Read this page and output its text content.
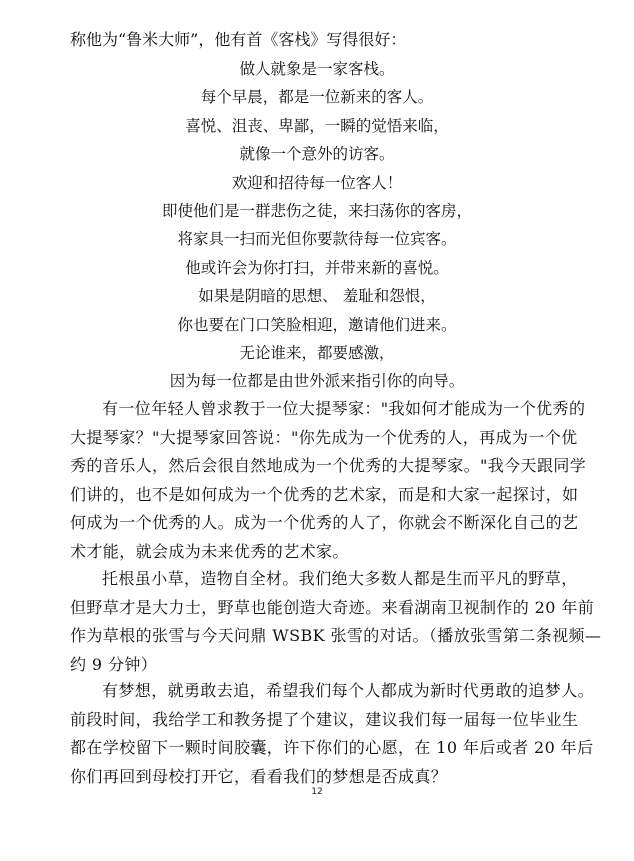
称他为“鲁米大师”，他有首《客栈》写得很好：
做人就象是一家客栈。
每个早晨，都是一位新来的客人。
喜悦、沮丧、卑鄙，一瞬的觉悟来临，
就像一个意外的访客。
欢迎和招待每一位客人！
即使他们是一群悲伤之徒，来扫荡你的客房，
将家具一扫而光但你要款待每一位宾客。
他或许会为你打扫，并带来新的喜悦。
如果是阴暗的思想、 羞耻和怨恨，
你也要在门口笑脸相迎，邀请他们进来。
无论谁来，都要感激，
因为每一位都是由世外派来指引你的向导。
有一位年轻人曾求教于一位大提琴家："我如何才能成为一个优秀的
大提琴家？"大提琴家回答说："你先成为一个优秀的人，再成为一个优
秀的音乐人，然后会很自然地成为一个优秀的大提琴家。"我今天跟同学
们讲的，也不是如何成为一个优秀的艺术家，而是和大家一起探讨，如
何成为一个优秀的人。成为一个优秀的人了，你就会不断深化自己的艺
术才能，就会成为未来优秀的艺术家。
托根虽小草，造物自全材。我们绝大多数人都是生而平凡的野草，
但野草才是大力士，野草也能创造大奇迹。来看湖南卫视制作的 20 年前
作为草根的张雪与今天问鼎 WSBK 张雪的对话。（播放张雪第二条视频—
约 9 分钟）
有梦想，就勇敢去追，希望我们每个人都成为新时代勇敢的追梦人。
前段时间，我给学工和教务提了个建议，建议我们每一届每一位毕业生
都在学校留下一颗时间胶囊，许下你们的心愿，在 10 年后或者 20 年后
你们再回到母校打开它，看看我们的梦想是否成真？
12
